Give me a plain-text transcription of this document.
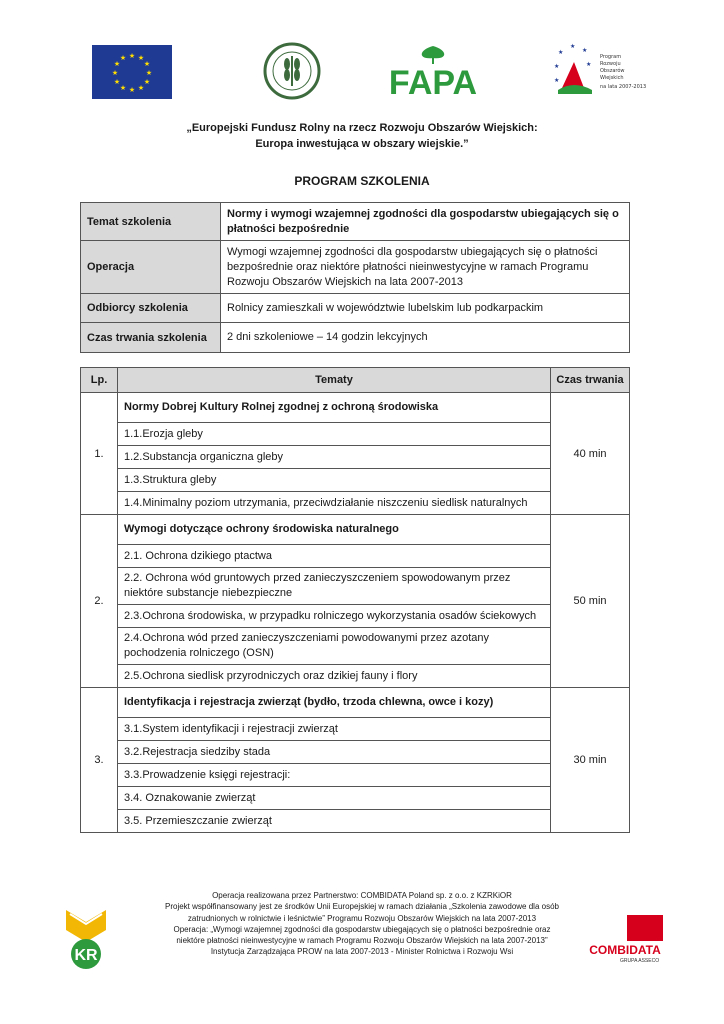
★ ★
★
★
★
★
★
★
★
★
★
★
FAPA
★
★
★
★
★
★
Program
Rozwoju
Obszarów
Wiejskich
na lata 2007-2013
„Europejski Fundusz Rolny na rzecz Rozwoju Obszarów Wiejskich:
Europa inwestująca w obszary wiejskie.”
PROGRAM SZKOLENIA
Temat szkolenia	Normy i wymogi wzajemnej zgodności dla gospodarstw ubiegających się o płatności bezpośrednie
Operacja	Wymogi wzajemnej zgodności dla gospodarstw ubiegających się o płatności bezpośrednie oraz niektóre płatności nieinwestycyjne w ramach Programu Rozwoju Obszarów Wiejskich na lata 2007-2013
Odbiorcy szkolenia	Rolnicy zamieszkali w województwie lubelskim lub podkarpackim
Czas trwania szkolenia	2 dni szkoleniowe – 14 godzin lekcyjnych
Lp.	Tematy	Czas trwania
1.	Normy Dobrej Kultury Rolnej zgodnej z ochroną środowiska	40 min
	1.1.Erozja gleby	
	1.2.Substancja organiczna gleby	
	1.3.Struktura gleby	
	1.4.Minimalny poziom utrzymania, przeciwdziałanie niszczeniu siedlisk naturalnych	
2.	Wymogi dotyczące ochrony środowiska naturalnego	50 min
	2.1. Ochrona dzikiego ptactwa	
	2.2. Ochrona wód gruntowych przed zanieczyszczeniem spowodowanym przez niektóre substancje niebezpieczne	
	2.3.Ochrona środowiska, w przypadku rolniczego wykorzystania osadów ściekowych	
	2.4.Ochrona wód przed zanieczyszczeniami powodowanymi przez azotany pochodzenia rolniczego (OSN)	
	2.5.Ochrona siedlisk przyrodniczych oraz dzikiej fauny i flory	
3.	Identyfikacja i rejestracja zwierząt (bydło, trzoda chlewna, owce i kozy)	30 min
	3.1.System identyfikacji i rejestracji zwierząt	
	3.2.Rejestracja siedziby stada	
	3.3.Prowadzenie księgi rejestracji:	
	3.4. Oznakowanie zwierząt	
	3.5. Przemieszczanie zwierząt	
KR
Operacja realizowana przez Partnerstwo: COMBIDATA Poland sp. z o.o. z KZRKiOR
Projekt współfinansowany jest ze środków Unii Europejskiej w ramach działania „Szkolenia zawodowe dla osób
zatrudnionych w rolnictwie i leśnictwie” Programu Rozwoju Obszarów Wiejskich na lata 2007-2013
Operacja: „Wymogi wzajemnej zgodności dla gospodarstw ubiegających się o płatności bezpośrednie oraz
niektóre płatności nieinwestycyjne w ramach Programu Rozwoju Obszarów Wiejskich na lata 2007-2013”
Instytucja Zarządzająca PROW na lata 2007-2013 - Minister Rolnictwa i Rozwoju Wsi	COMBIDATA
GRUPA ASSECO
